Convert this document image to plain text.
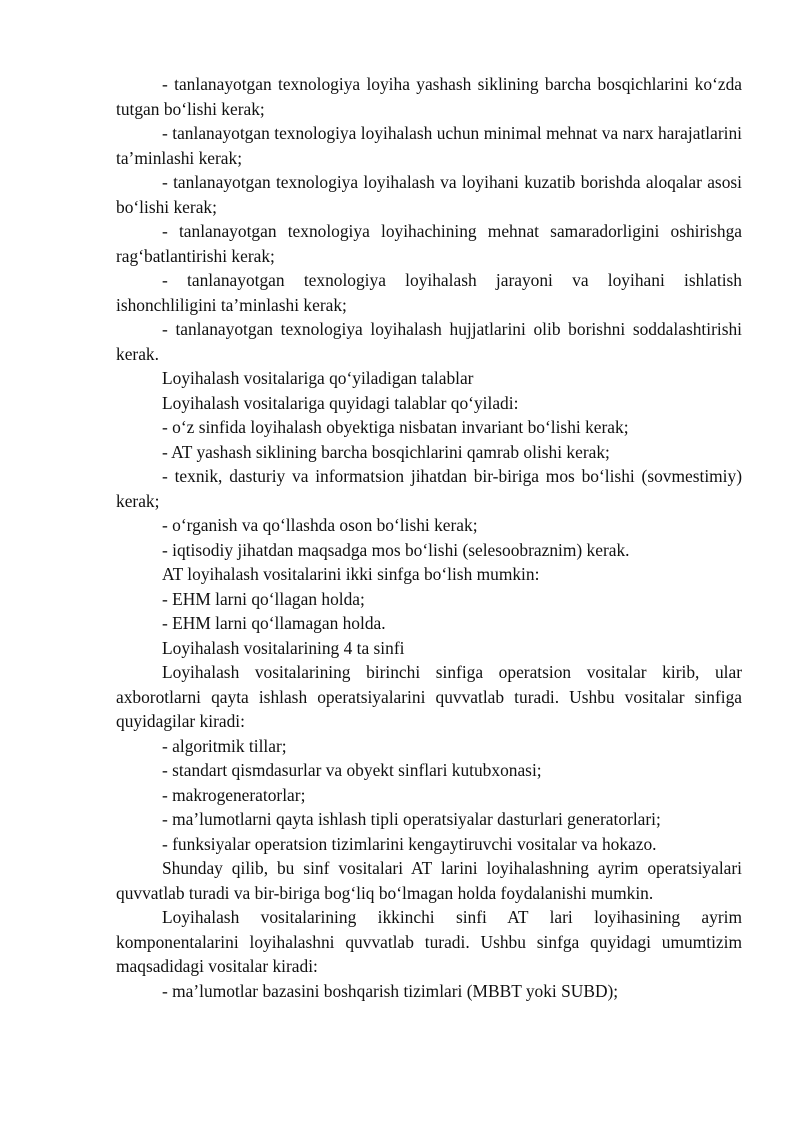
- tanlanayotgan texnologiya loyiha yashash siklining barcha bosqichlarini ko‘zda tutgan bo‘lishi kerak;

- tanlanayotgan texnologiya loyihalash uchun minimal mehnat va narx harajatlarini ta’minlashi kerak;

- tanlanayotgan texnologiya loyihalash va loyihani kuzatib borishda aloqalar asosi bo‘lishi kerak;

- tanlanayotgan texnologiya loyihachining mehnat samaradorligini oshirishga rag‘batlantirishi kerak;

- tanlanayotgan texnologiya loyihalash jarayoni va loyihani ishlatish ishonchliligini ta’minlashi kerak;

- tanlanayotgan texnologiya loyihalash hujjatlarini olib borishni soddalashtirishi kerak.

Loyihalash vositalariga qo‘yiladigan talablar

Loyihalash vositalariga quyidagi talablar qo‘yiladi:

- o‘z sinfida loyihalash obyektiga nisbatan invariant bo‘lishi kerak;

- AT yashash siklining barcha bosqichlarini qamrab olishi kerak;

- texnik, dasturiy va informatsion jihatdan bir-biriga mos bo‘lishi (sovmestimiy) kerak;

- o‘rganish va qo‘llashda oson bo‘lishi kerak;

- iqtisodiy jihatdan maqsadga mos bo‘lishi (selesoobraznim) kerak.

AT loyihalash vositalarini ikki sinfga bo‘lish mumkin:

- EHM larni qo‘llagan holda;

- EHM larni qo‘llamagan holda.

Loyihalash vositalarining 4 ta sinfi

Loyihalash vositalarining birinchi sinfiga operatsion vositalar kirib, ular axborotlarni qayta ishlash operatsiyalarini quvvatlab turadi. Ushbu vositalar sinfiga quyidagilar kiradi:

- algoritmik tillar;

- standart qismdasurlar va obyekt sinflari kutubxonasi;

- makrogeneratorlar;

- ma’lumotlarni qayta ishlash tipli operatsiyalar dasturlari generatorlari;

- funksiyalar operatsion tizimlarini kengaytiruvchi vositalar va hokazo.

Shunday qilib, bu sinf vositalari AT larini loyihalashning ayrim operatsiyalari quvvatlab turadi va bir-biriga bog‘liq bo‘lmagan holda foydalanishi mumkin.

Loyihalash vositalarining ikkinchi sinfi AT lari loyihasining ayrim komponentalarini loyihalashni quvvatlab turadi. Ushbu sinfga quyidagi umumtizim maqsadidagi vositalar kiradi:

- ma’lumotlar bazasini boshqarish tizimlari (MBBT yoki SUBD);
